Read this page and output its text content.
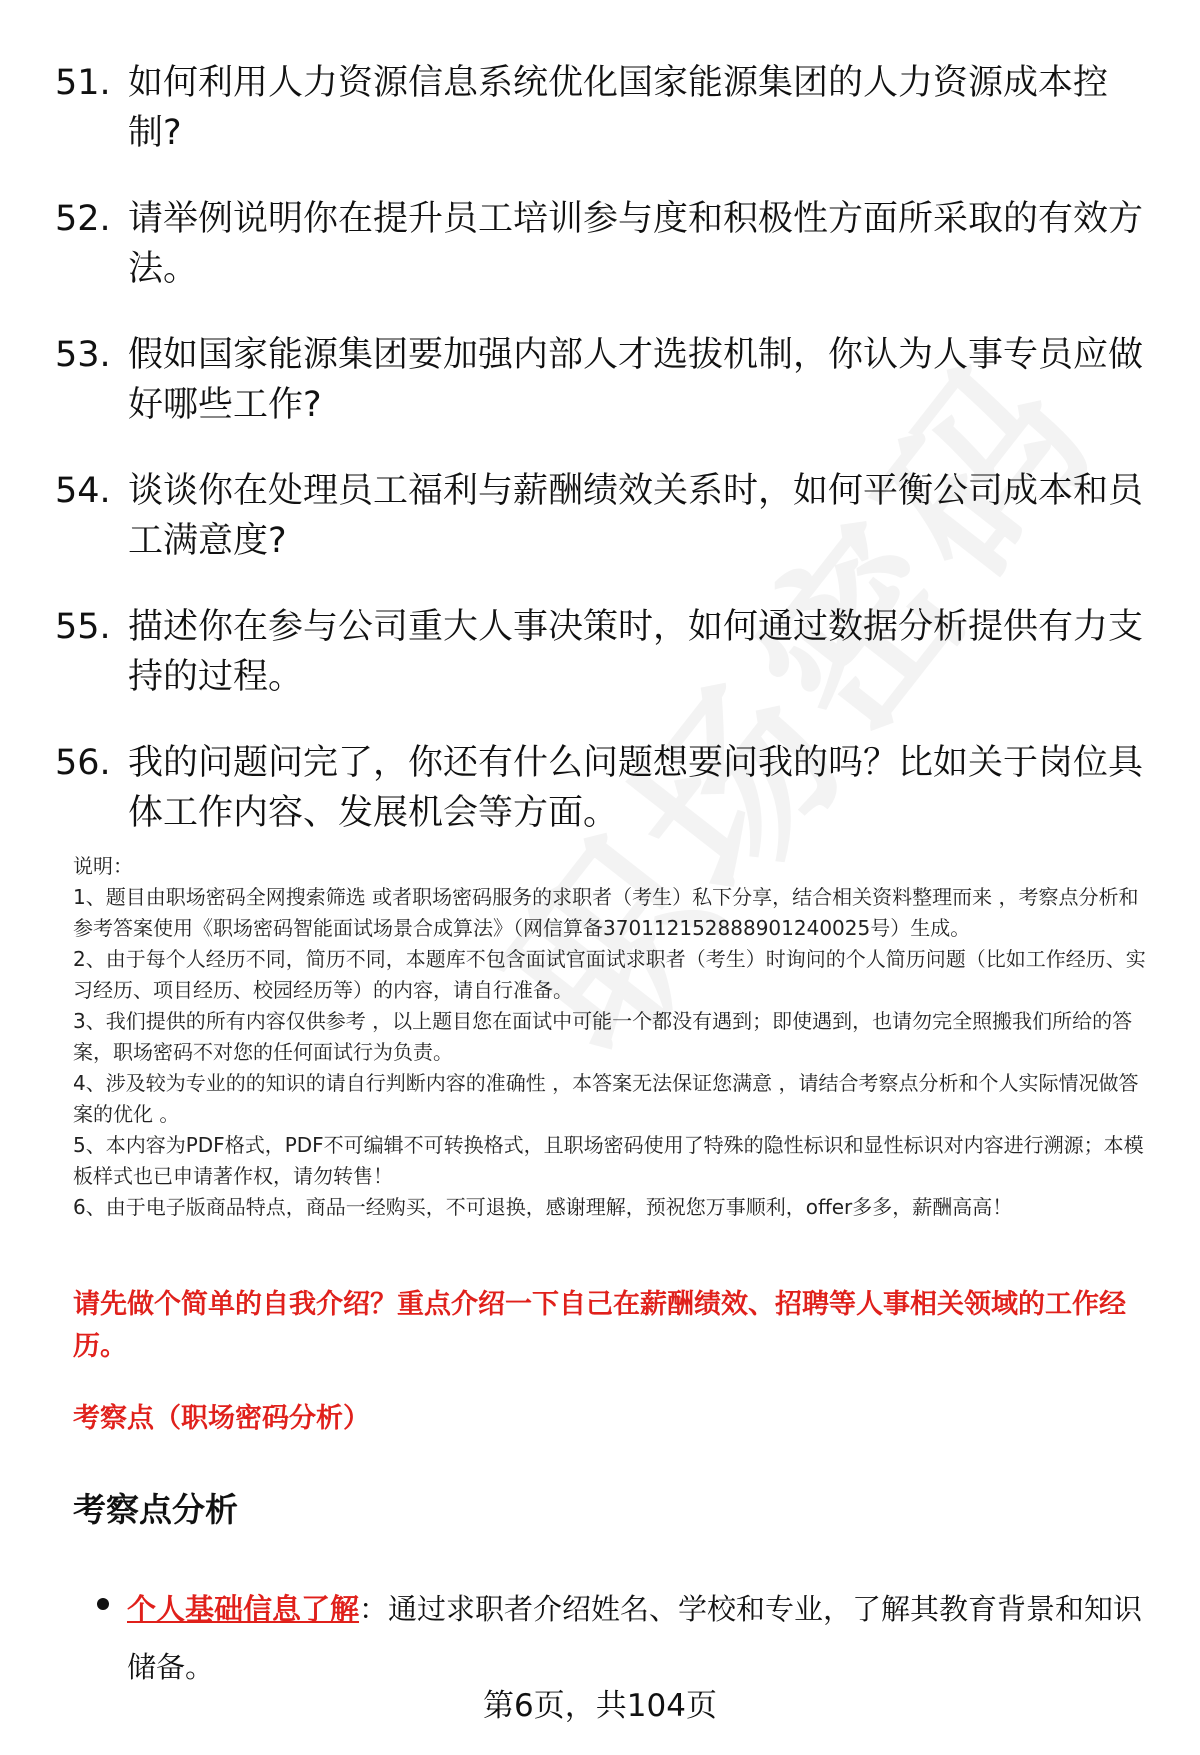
51. 如何利用人力资源信息系统优化国家能源集团的人力资源成本控制?
52. 请举例说明你在提升员工培训参与度和积极性方面所采取的有效方法。
53. 假如国家能源集团要加强内部人才选拔机制，你认为人事专员应做好哪些工作?
54. 谈谈你在处理员工福利与薪酬绩效关系时，如何平衡公司成本和员工满意度?
55. 描述你在参与公司重大人事决策时，如何通过数据分析提供有力支持的过程。
56. 我的问题问完了，你还有什么问题想要问我的吗？比如关于岗位具体工作内容、发展机会等方面。
说明：
1、题目由职场密码全网搜索筛选 或者职场密码服务的求职者（考生）私下分享，结合相关资料整理而来 ，考察点分析和参考答案使用《职场密码智能面试场景合成算法》（网信算备370112152888901240025号）生成。
2、由于每个人经历不同，简历不同，本题库不包含面试官面试求职者（考生）时询问的个人简历问题（比如工作经历、实习经历、项目经历、校园经历等）的内容，请自行准备。
3、我们提供的所有内容仅供参考 ，以上题目您在面试中可能一个都没有遇到；即使遇到，也请勿完全照搬我们所给的答案，职场密码不对您的任何面试行为负责。
4、涉及较为专业的的知识的请自行判断内容的准确性 ，本答案无法保证您满意 ，请结合考察点分析和个人实际情况做答案的优化 。
5、本内容为PDF格式，PDF不可编辑不可转换格式，且职场密码使用了特殊的隐性标识和显性标识对内容进行溯源；本模板样式也已申请著作权，请勿转售！
6、由于电子版商品特点，商品一经购买，不可退换，感谢理解，预祝您万事顺利，offer多多，薪酬高高！
请先做个简单的自我介绍？重点介绍一下自己在薪酬绩效、招聘等人事相关领域的工作经历。
考察点（职场密码分析）
考察点分析
个人基础信息了解：通过求职者介绍姓名、学校和专业，了解其教育背景和知识储备。
第6页，共104页
